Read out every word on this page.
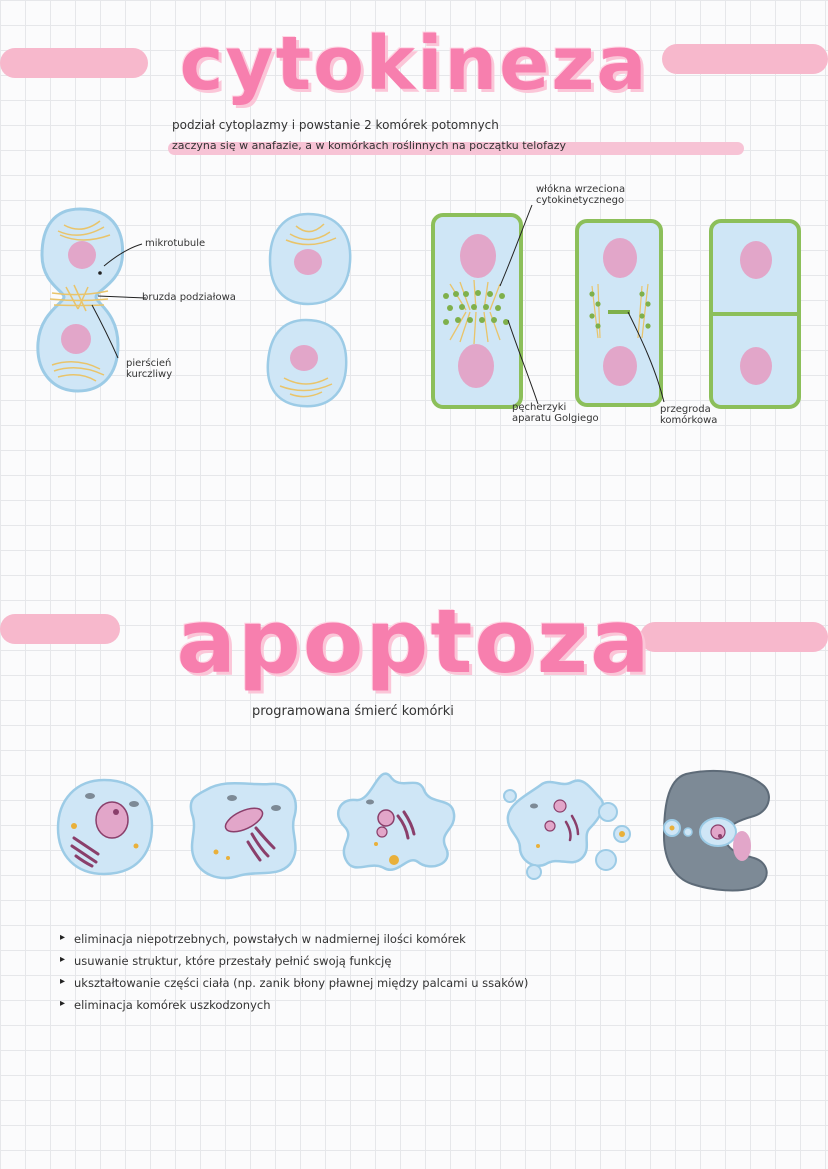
cytokineza
podział cytoplazmy i powstanie 2 komórek potomnych
zaczyna się w anafazie, a w komórkach roślinnych na początku telofazy
mikrotubule
bruzda podziałowa
pierścień kurczliwy
włókna wrzeciona cytokinetycznego
pęcherzyki aparatu Golgiego
przegroda komórkowa
apoptoza
programowana śmierć komórki
▸ eliminacja niepotrzebnych, powstałych w nadmiernej ilości komórek
▸ usuwanie struktur, które przestały pełnić swoją funkcję
▸ ukształtowanie części ciała (np. zanik błony pławnej między palcami u ssaków)
▸ eliminacja komórek uszkodzonych
